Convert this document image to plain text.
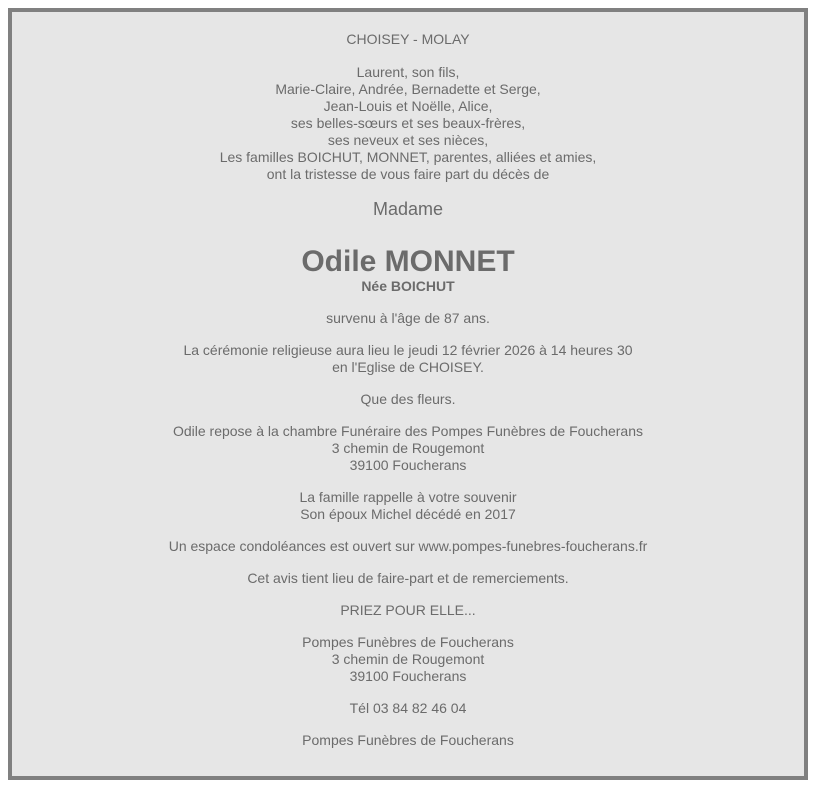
CHOISEY - MOLAY

Laurent, son fils,
Marie-Claire, Andrée, Bernadette et Serge,
Jean-Louis et Noëlle, Alice,
ses belles-sœurs et ses beaux-frères,
ses neveux et ses nièces,
Les familles BOICHUT, MONNET, parentes, alliées et amies,
ont la tristesse de vous faire part du décès de
Madame
Odile MONNET
Née BOICHUT
survenu à l'âge de 87 ans.
La cérémonie religieuse aura lieu le jeudi 12 février 2026 à 14 heures 30
en l'Eglise de CHOISEY.
Que des fleurs.
Odile repose à la chambre Funéraire des Pompes Funèbres de Foucherans
3 chemin de Rougemont
39100 Foucherans
La famille rappelle à votre souvenir
Son époux Michel décédé en 2017
Un espace condoléances est ouvert sur www.pompes-funebres-foucherans.fr
Cet avis tient lieu de faire-part et de remerciements.
PRIEZ POUR ELLE...
Pompes Funèbres de Foucherans
3 chemin de Rougemont
39100 Foucherans
Tél 03 84 82 46 04
Pompes Funèbres de Foucherans
